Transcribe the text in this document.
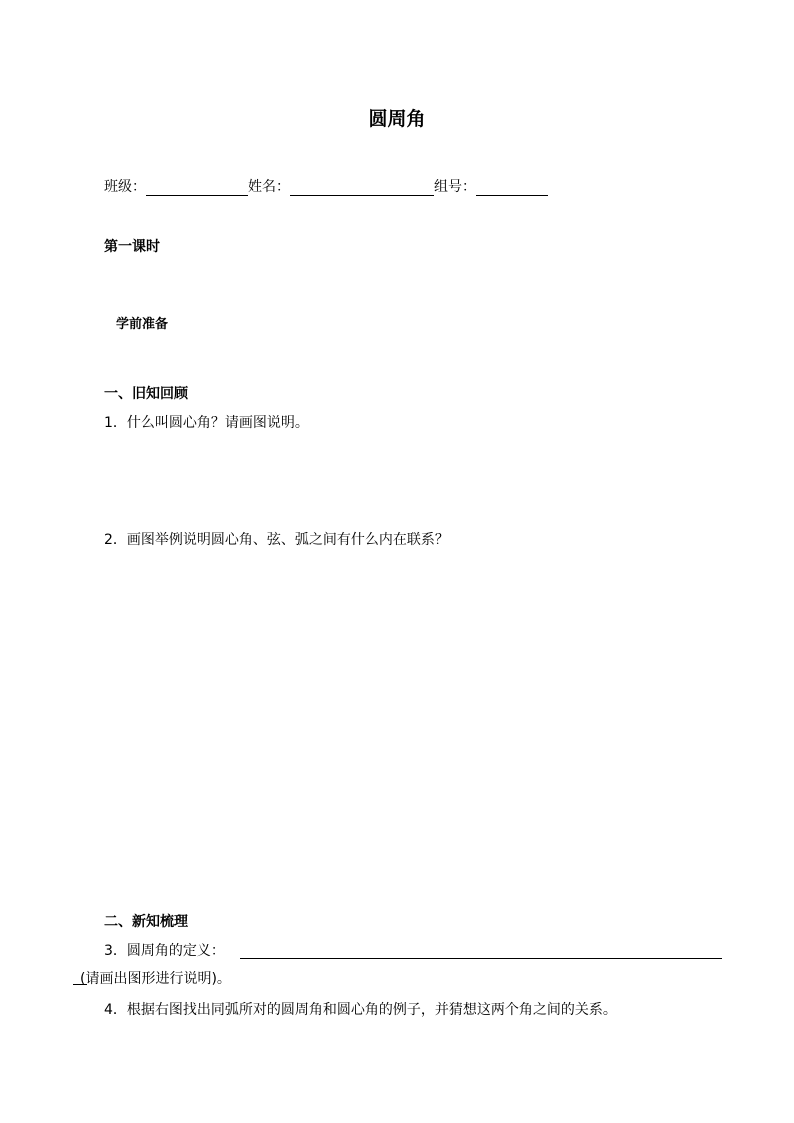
圆周角
班级：	姓名：	组号：
第一课时
学前准备
一、旧知回顾
1．什么叫圆心角？请画图说明。
2．画图举例说明圆心角、弦、弧之间有什么内在联系？
二、新知梳理
3．圆周角的定义：
(请画出图形进行说明)。
4．根据右图找出同弧所对的圆周角和圆心角的例子，并猜想这两个角之间的关系。
